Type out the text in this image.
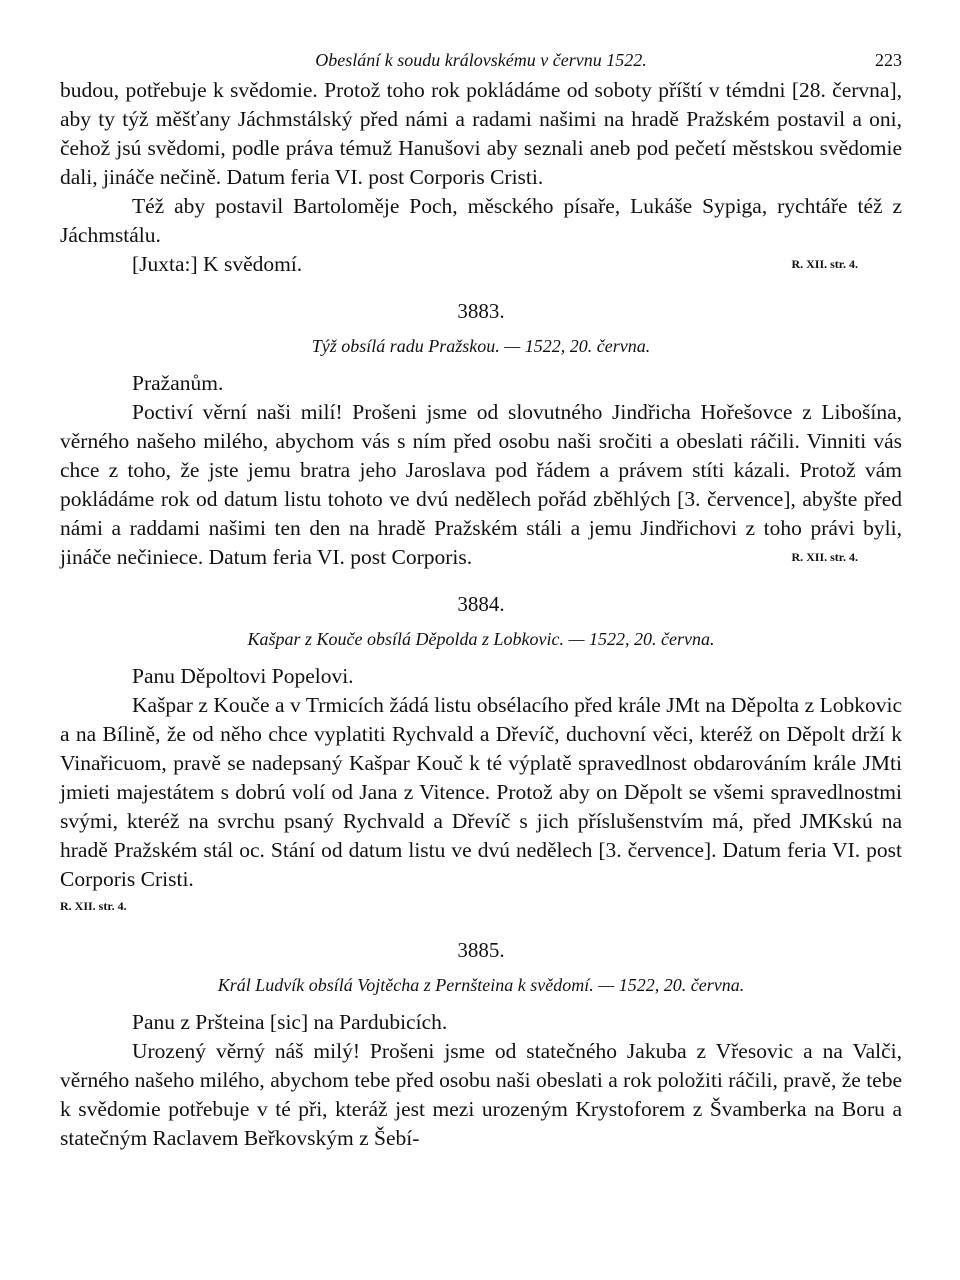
Obeslání k soudu královskému v červnu 1522.	223

budou, potřebuje k svědomie. Protož toho rok pokládáme od soboty příští v témdni [28. června], aby ty týž měšťany Jáchmstálský před námi a radami našimi na hradě Pražském postavil a oni, čehož jsú svědomi, podle práva témuž Hanušovi aby seznali aneb pod pečetí městskou svědomie dali, jináče nečině. Datum feria VI. post Corporis Cristi.

Též aby postavil Bartoloměje Poch, měsckého písaře, Lukáše Sypiga, rychtáře též z Jáchmstálu.

[Juxta:] K svědomí.	R. XII. str. 4.

3883.
Týž obsílá radu Pražskou. — 1522, 20. června.

Pražanům.

Poctiví věrní naši milí! Prošeni jsme od slovutného Jindřicha Hořešovce z Libošína, věrného našeho milého, abychom vás s ním před osobu naši sročiti a obeslati ráčili. Vinniti vás chce z toho, že jste jemu bratra jeho Jaroslava pod řádem a právem stíti kázali. Protož vám pokládáme rok od datum listu tohoto ve dvú nedělech pořád zběhlých [3. července], abyšte před námi a raddami našimi ten den na hradě Pražském stáli a jemu Jindřichovi z toho právi byli, jináče nečiniece. Datum feria VI. post Corporis.	R. XII. str. 4.

3884.
Kašpar z Kouče obsílá Děpolda z Lobkovic. — 1522, 20. června.

Panu Děpoltovi Popelovi.

Kašpar z Kouče a v Trmicích žádá listu obsélacího před krále JMt na Děpolta z Lobkovic a na Bílině, že od něho chce vyplatiti Rychvald a Dřevíč, duchovní věci, kteréž on Děpolt drží k Vinařicuom, pravě se nadepsaný Kašpar Kouč k té výplatě spravedlnost obdarováním krále JMti jmieti majestátem s dobrú volí od Jana z Vitence. Protož aby on Děpolt se všemi spravedlnostmi svými, kteréž na svrchu psaný Rychvald a Dřevíč s jich příslušenstvím má, před JMKskú na hradě Pražském stál oc. Stání od datum listu ve dvú nedělech [3. července]. Datum feria VI. post Corporis Cristi.

R. XII. str. 4.
3885.
Král Ludvík obsílá Vojtěcha z Pernšteina k svědomí. — 1522, 20. června.

Panu z Pršteina [sic] na Pardubicích.

Urozený věrný náš milý! Prošeni jsme od statečného Jakuba z Vřesovic a na Valči, věrného našeho milého, abychom tebe před osobu naši obeslati a rok položiti ráčili, pravě, že tebe k svědomie potřebuje v té při, kteráž jest mezi urozeným Krystoforem z Švamberka na Boru a statečným Raclavem Beřkovským z Šebí-
